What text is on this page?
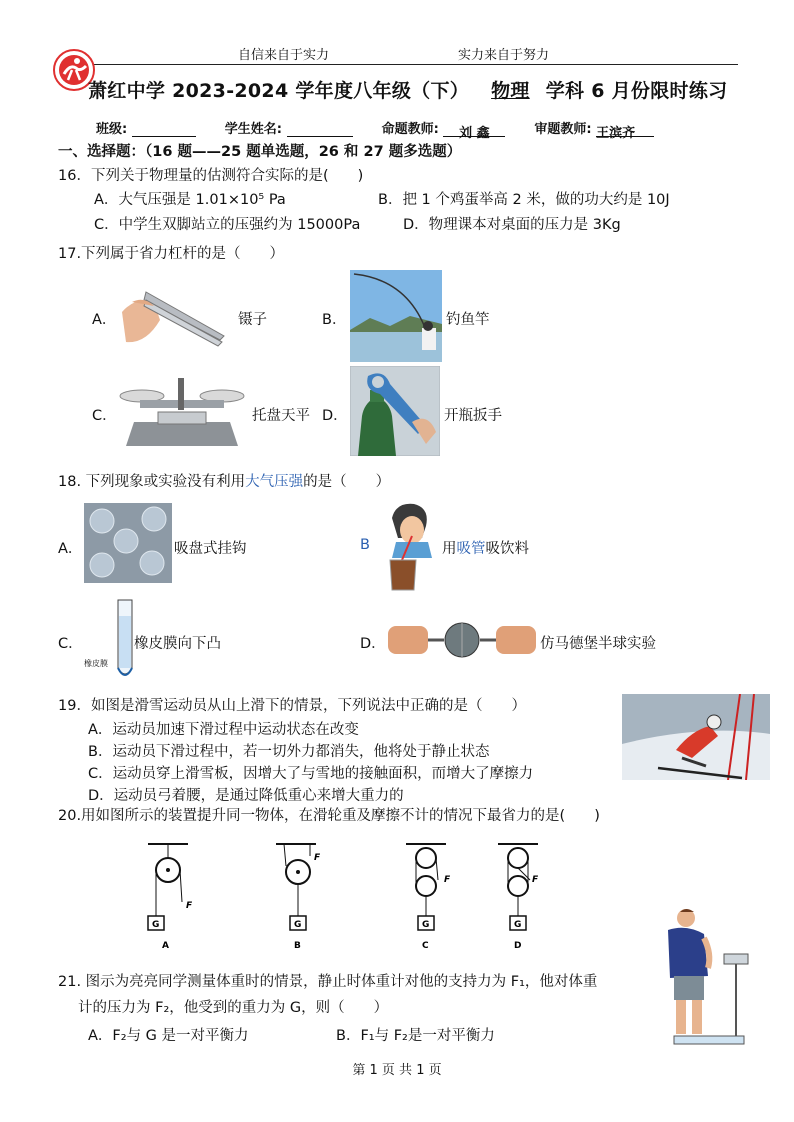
自信来自于实力	实力来自于努力
萧红中学 2023-2024 学年度八年级（下） 物理 学科 6 月份限时练习
班级:	学生姓名:	命题教师: 刘 鑫	审题教师: 王滨齐
一、选择题：（16 题——25 题单选题，26 和 27 题多选题）
16．下列关于物理量的估测符合实际的是(　　)
A．大气压强是 1.01×10⁵ Pa	B．把 1 个鸡蛋举高 2 米，做的功大约是 10J
C．中学生双脚站立的压强约为 15000Pa	D．物理课本对桌面的压力是 3Kg
17.下列属于省力杠杆的是（　　）
A．	镊子	B．	钓鱼竿
C．	托盘天平 D．	开瓶扳手
18. 下列现象或实验没有利用大气压强的是（　　）
A．	吸盘式挂钩	B	用吸管吸饮料
C．
橡皮膜
橡皮膜向下凸	D．	仿马德堡半球实验
19．如图是滑雪运动员从山上滑下的情景，下列说法中正确的是（　　）
A．运动员加速下滑过程中运动状态在改变
B．运动员下滑过程中，若一切外力都消失，他将处于静止状态
C．运动员穿上滑雪板，因增大了与雪地的接触面积，而增大了摩擦力
D．运动员弓着腰，是通过降低重心来增大重力的
20.用如图所示的装置提升同一物体，在滑轮重及摩擦不计的情况下最省力的是(　　)
G
F
A
G
F
B
G
F
C
G
F
D
21. 图示为亮亮同学测量体重时的情景，静止时体重计对他的支持力为 F₁，他对体重
计的压力为 F₂，他受到的重力为 G，则（　　）
A．F₂与 G 是一对平衡力	B．F₁与 F₂是一对平衡力
第 1 页 共 1 页
